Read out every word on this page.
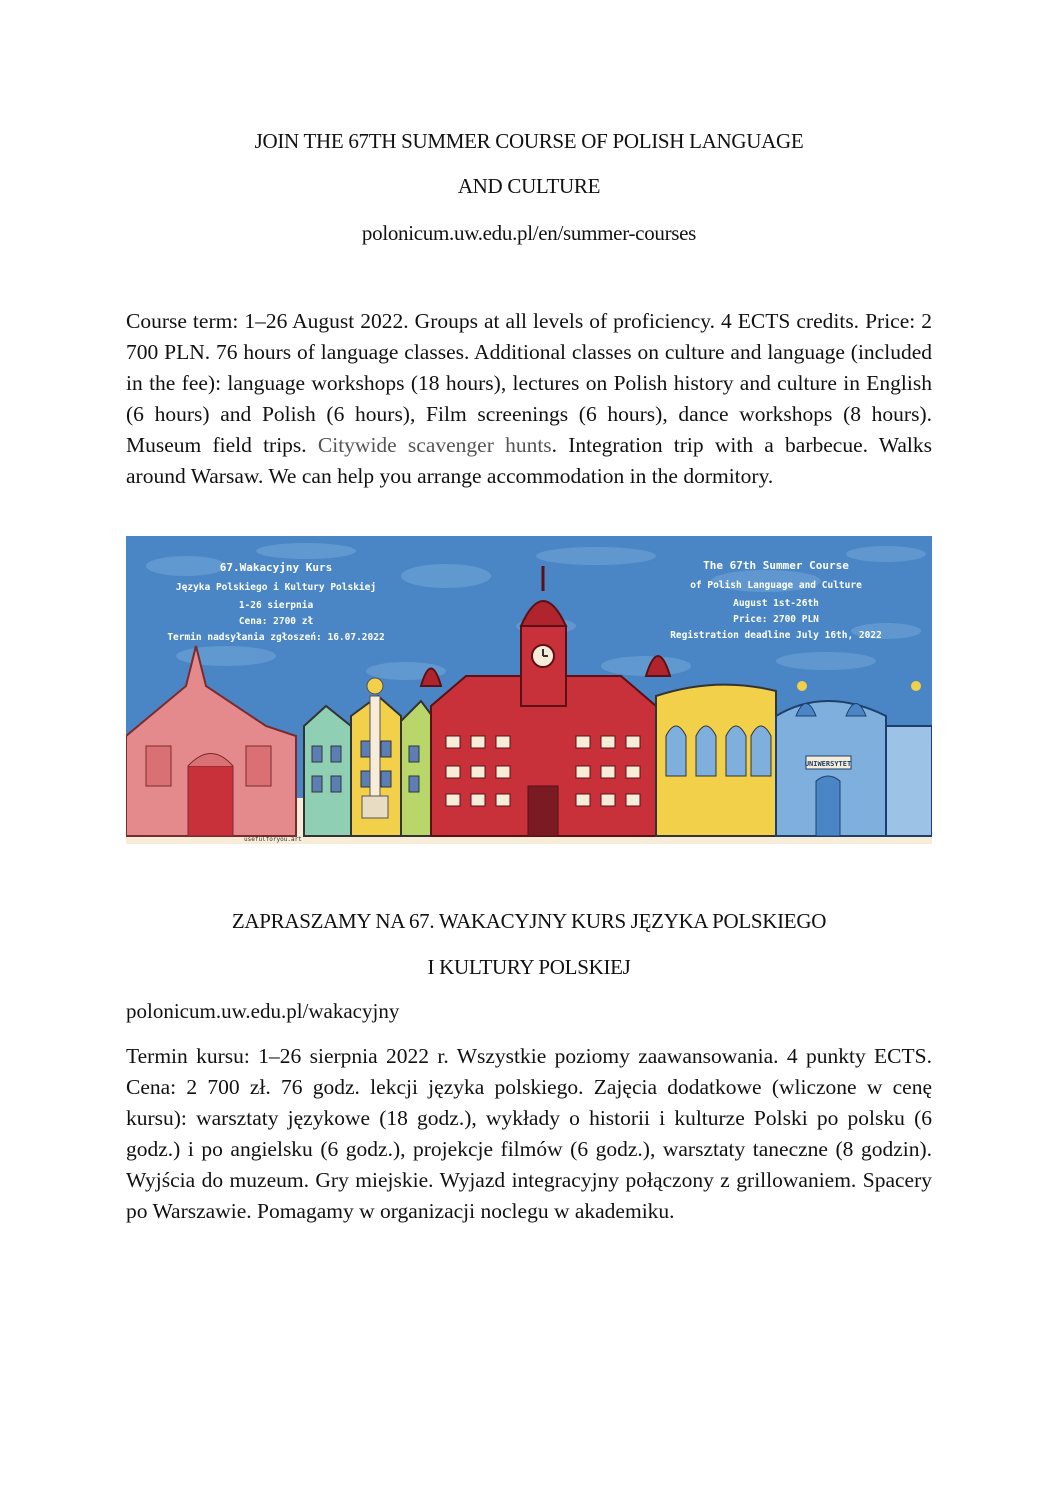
JOIN THE 67TH SUMMER COURSE OF POLISH LANGUAGE
AND CULTURE
polonicum.uw.edu.pl/en/summer-courses
Course term: 1–26 August 2022. Groups at all levels of proficiency. 4 ECTS credits. Price: 2 700 PLN. 76 hours of language classes. Additional classes on culture and language (included in the fee): language workshops (18 hours), lectures on Polish history and culture in English (6 hours) and Polish (6 hours), Film screenings (6 hours), dance workshops (8 hours). Museum field trips. Citywide scavenger hunts. Integration trip with a barbecue. Walks around Warsaw. We can help you arrange accommodation in the dormitory.
UNIWERSYTET
67.Wakacyjny Kurs
Języka Polskiego i Kultury Polskiej
1-26 sierpnia
Cena: 2700 zł
Termin nadsyłania zgłoszeń: 16.07.2022
The 67th Summer Course
of Polish Language and Culture
August 1st-26th
Price: 2700 PLN
Registration deadline July 16th, 2022
usefulforyou.art
ZAPRASZAMY NA 67. WAKACYJNY KURS JĘZYKA POLSKIEGO
I KULTURY POLSKIEJ
polonicum.uw.edu.pl/wakacyjny
Termin kursu: 1–26 sierpnia 2022 r. Wszystkie poziomy zaawansowania. 4 punkty ECTS. Cena: 2 700 zł. 76 godz. lekcji języka polskiego. Zajęcia dodatkowe (wliczone w cenę kursu): warsztaty językowe (18 godz.), wykłady o historii i kulturze Polski po polsku (6 godz.) i po angielsku (6 godz.), projekcje filmów (6 godz.), warsztaty taneczne (8 godzin). Wyjścia do muzeum. Gry miejskie. Wyjazd integracyjny połączony z grillowaniem. Spacery po Warszawie. Pomagamy w organizacji noclegu w akademiku.
